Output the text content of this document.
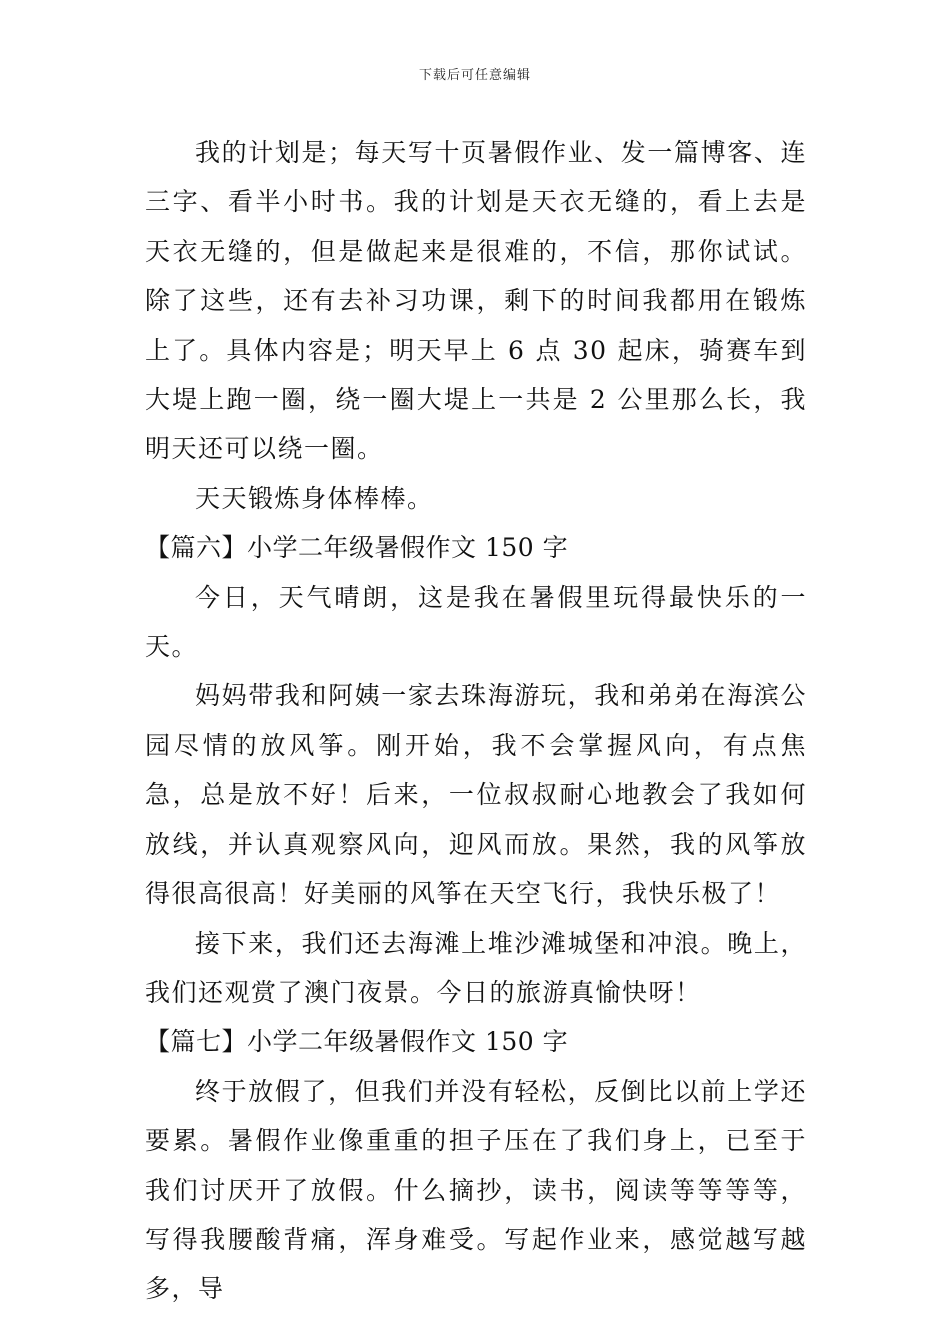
下载后可任意编辑

我的计划是；每天写十页暑假作业、发一篇博客、连三字、看半小时书。我的计划是天衣无缝的，看上去是天衣无缝的，但是做起来是很难的，不信，那你试试。除了这些，还有去补习功课，剩下的时间我都用在锻炼上了。具体内容是；明天早上 6 点 30 起床，骑赛车到大堤上跑一圈，绕一圈大堤上一共是 2 公里那么长，我明天还可以绕一圈。

天天锻炼身体棒棒。

【篇六】小学二年级暑假作文 150 字

今日，天气晴朗，这是我在暑假里玩得最快乐的一天。

妈妈带我和阿姨一家去珠海游玩，我和弟弟在海滨公园尽情的放风筝。刚开始，我不会掌握风向，有点焦急，总是放不好！后来，一位叔叔耐心地教会了我如何放线，并认真观察风向，迎风而放。果然，我的风筝放得很高很高！好美丽的风筝在天空飞行，我快乐极了！

接下来，我们还去海滩上堆沙滩城堡和冲浪。晚上，我们还观赏了澳门夜景。今日的旅游真愉快呀！

【篇七】小学二年级暑假作文 150 字

终于放假了，但我们并没有轻松，反倒比以前上学还要累。暑假作业像重重的担子压在了我们身上，已至于我们讨厌开了放假。什么摘抄，读书，阅读等等等等，写得我腰酸背痛，浑身难受。写起作业来，感觉越写越多，导
